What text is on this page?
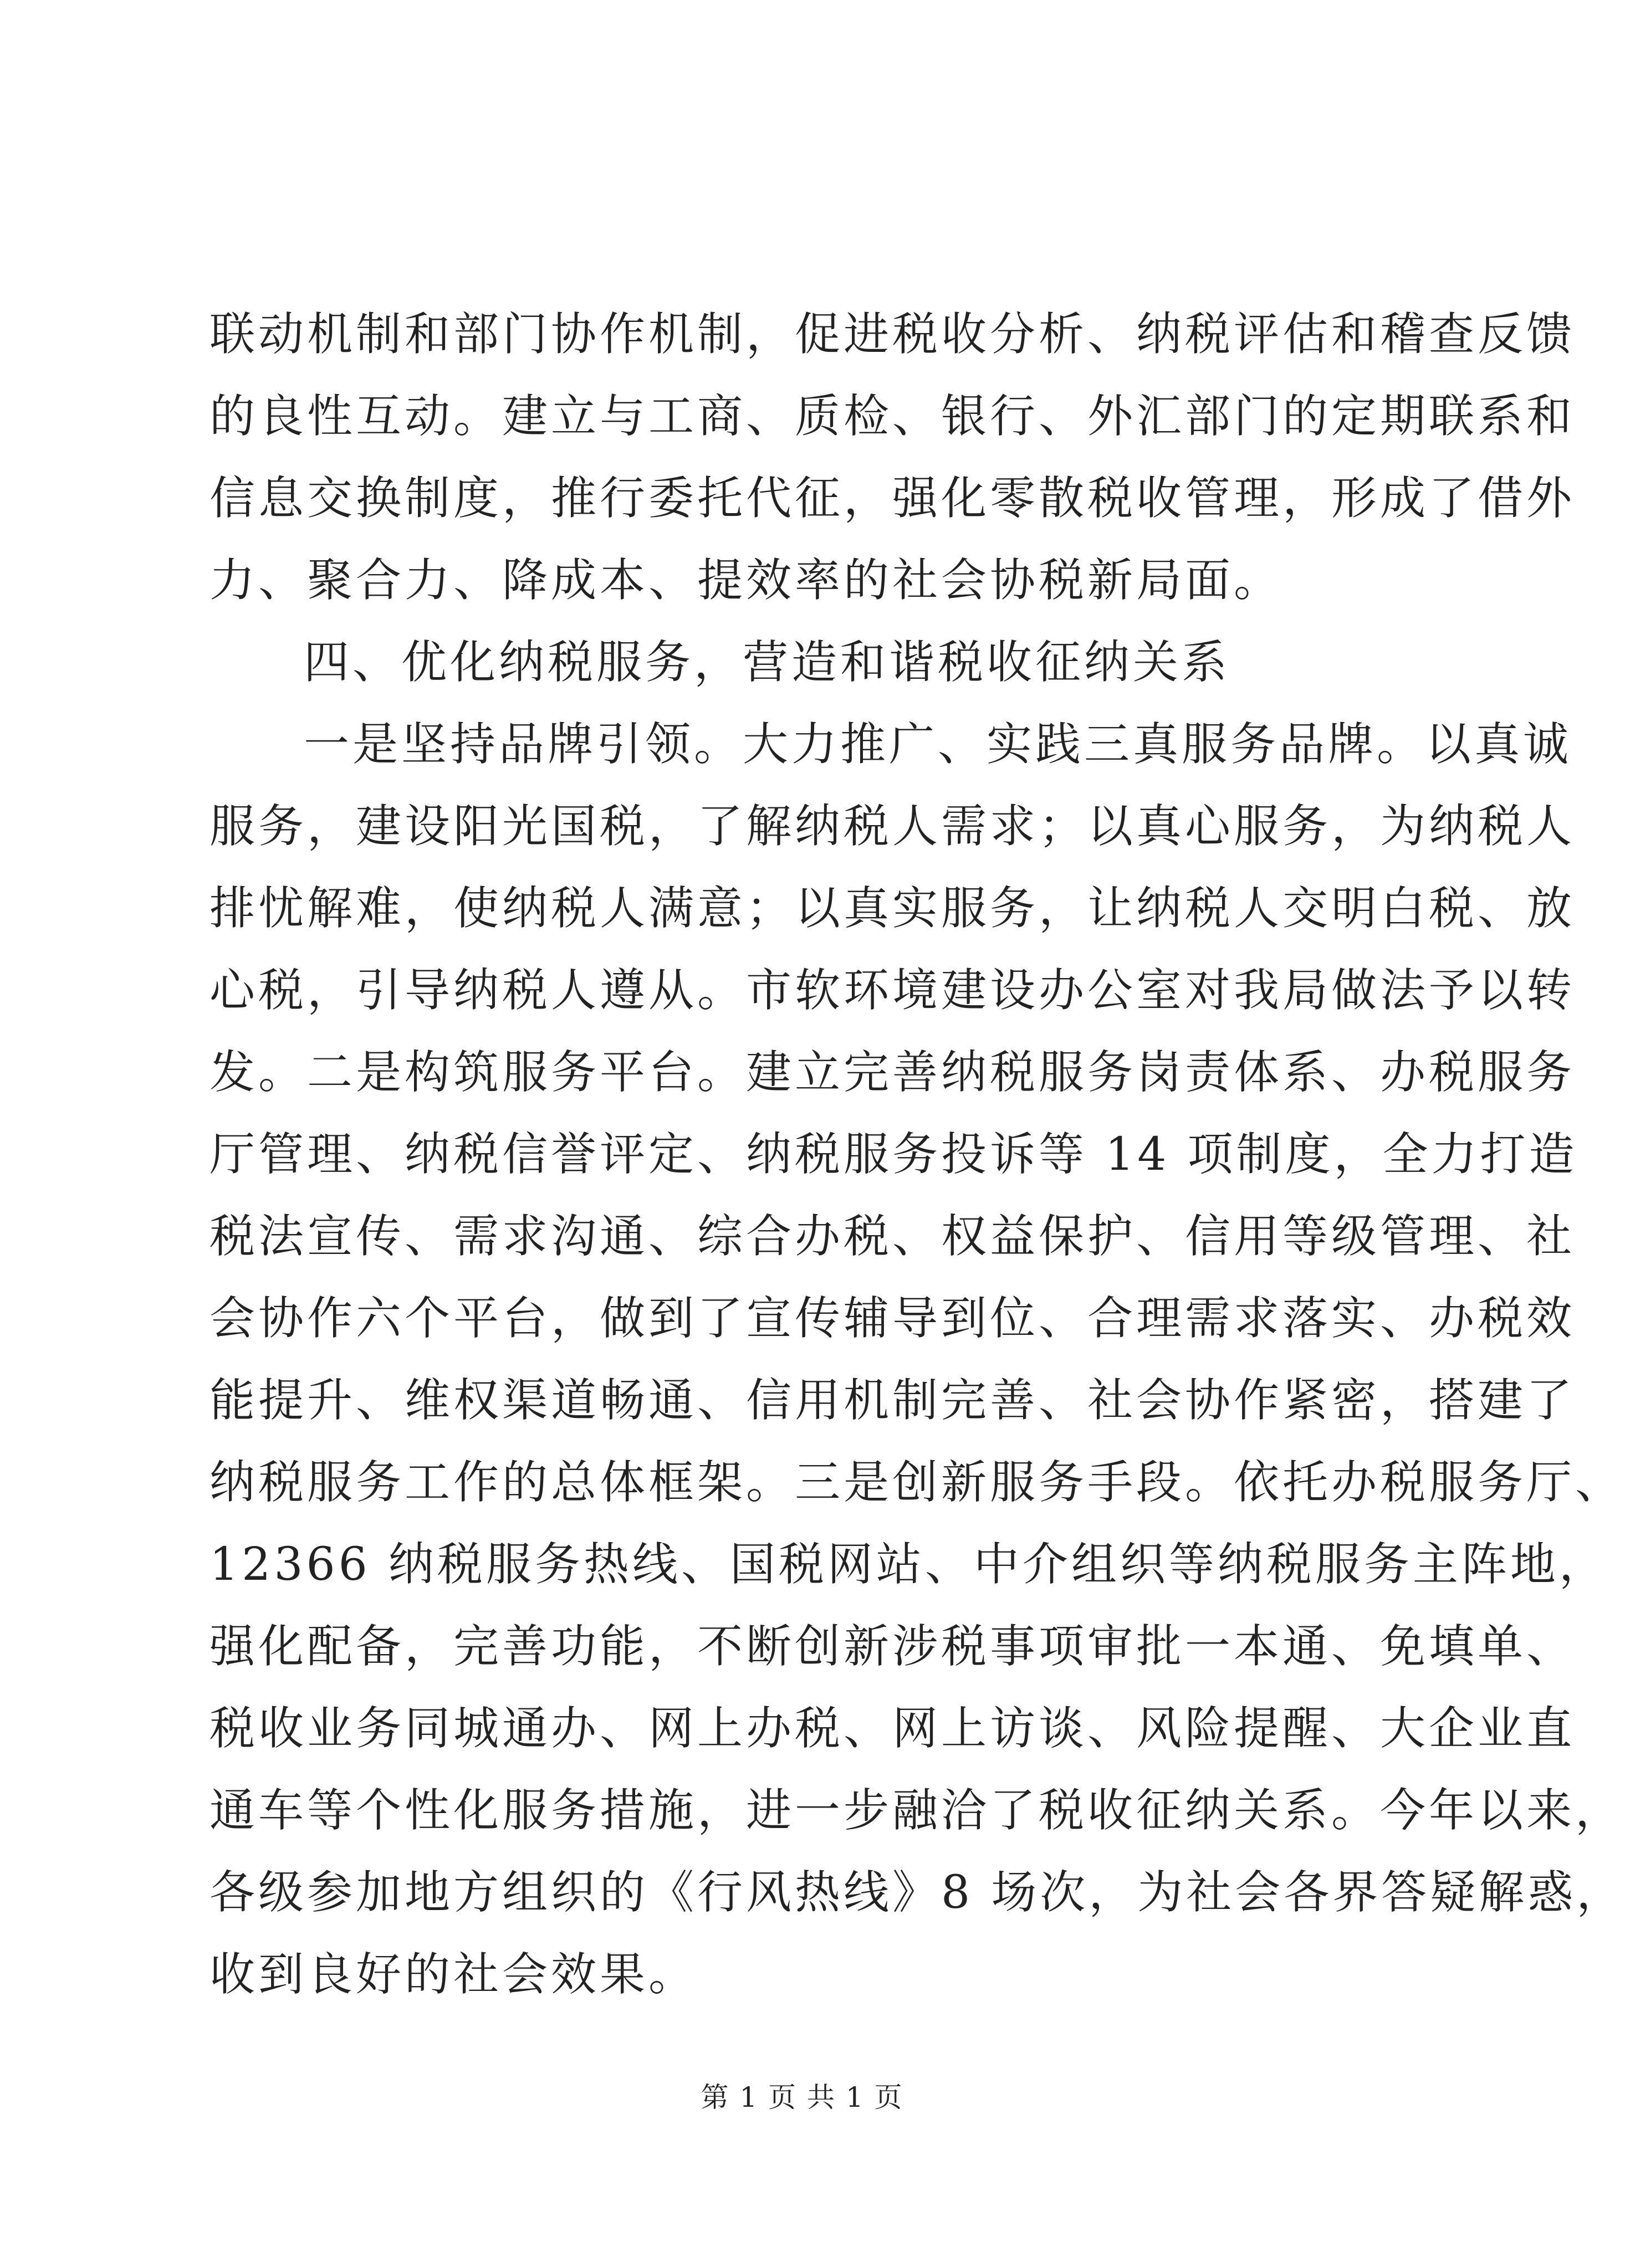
联动机制和部门协作机制，促进税收分析、纳税评估和稽查反馈
的良性互动。建立与工商、质检、银行、外汇部门的定期联系和
信息交换制度，推行委托代征，强化零散税收管理，形成了借外
力、聚合力、降成本、提效率的社会协税新局面。
四、优化纳税服务，营造和谐税收征纳关系
一是坚持品牌引领。大力推广、实践三真服务品牌。以真诚
服务，建设阳光国税，了解纳税人需求；以真心服务，为纳税人
排忧解难，使纳税人满意；以真实服务，让纳税人交明白税、放
心税，引导纳税人遵从。市软环境建设办公室对我局做法予以转
发。二是构筑服务平台。建立完善纳税服务岗责体系、办税服务
厅管理、纳税信誉评定、纳税服务投诉等 14 项制度，全力打造
税法宣传、需求沟通、综合办税、权益保护、信用等级管理、社
会协作六个平台，做到了宣传辅导到位、合理需求落实、办税效
能提升、维权渠道畅通、信用机制完善、社会协作紧密，搭建了
纳税服务工作的总体框架。三是创新服务手段。依托办税服务厅、
12366 纳税服务热线、国税网站、中介组织等纳税服务主阵地，
强化配备，完善功能，不断创新涉税事项审批一本通、免填单、
税收业务同城通办、网上办税、网上访谈、风险提醒、大企业直
通车等个性化服务措施，进一步融洽了税收征纳关系。今年以来，
各级参加地方组织的《行风热线》8 场次，为社会各界答疑解惑，
收到良好的社会效果。
第 1 页 共 1 页
